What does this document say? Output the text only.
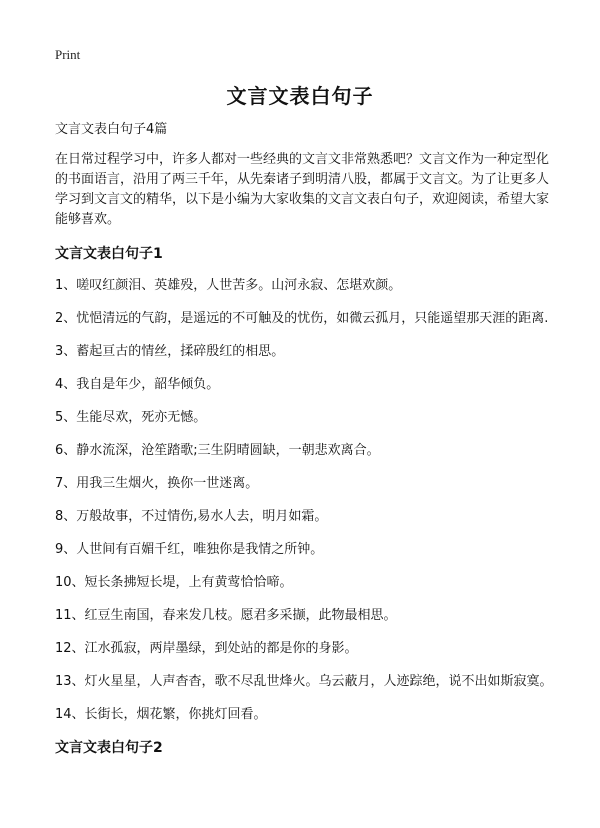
Print
文言文表白句子

文言文表白句子4篇

在日常过程学习中，许多人都对一些经典的文言文非常熟悉吧？文言文作为一种定型化的书面语言，沿用了两三千年，从先秦诸子到明清八股，都属于文言文。为了让更多人学习到文言文的精华，以下是小编为大家收集的文言文表白句子，欢迎阅读，希望大家能够喜欢。

文言文表白句子1

1、嗟叹红颜泪、英雄殁，人世苦多。山河永寂、怎堪欢颜。

2、忧悒清远的气韵，是遥远的不可触及的忧伤，如微云孤月，只能遥望那天涯的距离.

3、蓄起亘古的情丝，揉碎殷红的相思。

4、我自是年少，韶华倾负。

5、生能尽欢，死亦无憾。

6、静水流深，沧笙踏歌;三生阴晴圆缺，一朝悲欢离合。

7、用我三生烟火，换你一世迷离。

8、万般故事，不过情伤,易水人去，明月如霜。

9、人世间有百媚千红，唯独你是我情之所钟。

10、短长条拂短长堤，上有黄莺恰恰啼。

11、红豆生南国，春来发几枝。愿君多采撷，此物最相思。

12、江水孤寂，两岸墨绿，到处站的都是你的身影。

13、灯火星星，人声杳杳，歌不尽乱世烽火。乌云蔽月，人迹踪绝，说不出如斯寂寞。

14、长街长，烟花繁，你挑灯回看。

文言文表白句子2
